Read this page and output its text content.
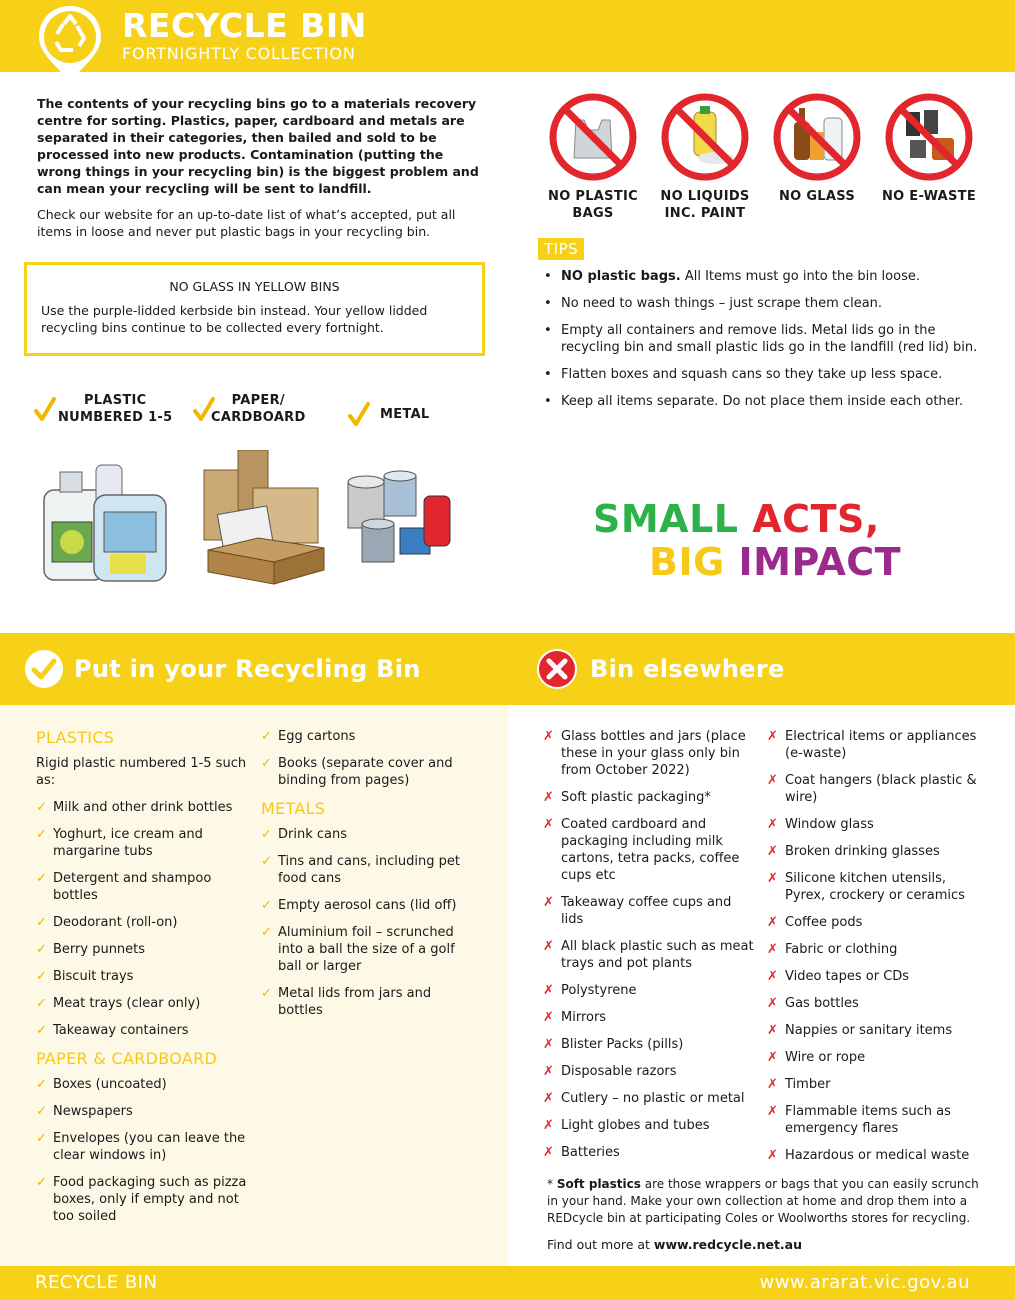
RECYCLE BIN
FORTNIGHTLY COLLECTION
The contents of your recycling bins go to a materials recovery centre for sorting. Plastics, paper, cardboard and metals are separated in their categories, then bailed and sold to be processed into new products. Contamination (putting the wrong things in your recycling bin) is the biggest problem and can mean your recycling will be sent to landfill.
Check our website for an up-to-date list of what’s accepted, put all items in loose and never put plastic bags in your recycling bin.
NO GLASS IN YELLOW BINS
Use the purple-lidded kerbside bin instead. Your yellow lidded recycling bins continue to be collected every fortnight.
PLASTIC
NUMBERED 1-5
PAPER/
CARDBOARD	METAL
NO PLASTIC
BAGS
NO LIQUIDS
INC. PAINT
NO GLASS	NO E-WASTE
TIPS
• NO plastic bags. All Items must go into the bin loose.
• No need to wash things – just scrape them clean.
• Empty all containers and remove lids. Metal lids go in the recycling bin and small plastic lids go in the landfill (red lid) bin.
• Flatten boxes and squash cans so they take up less space.
• Keep all items separate. Do not place them inside each other.
SMALL ACTS,
BIG IMPACT
Put in your Recycling Bin	Bin elsewhere
PLASTICS
Rigid plastic numbered 1-5 such as:
✓ Milk and other drink bottles
✓ Yoghurt, ice cream and margarine tubs
✓ Detergent and shampoo bottles
✓ Deodorant (roll-on)
✓ Berry punnets
✓ Biscuit trays
✓ Meat trays (clear only)
✓ Takeaway containers
PAPER & CARDBOARD
✓ Boxes (uncoated)
✓ Newspapers
✓ Envelopes (you can leave the clear windows in)
✓ Food packaging such as pizza boxes, only if empty and not too soiled
✓ Egg cartons
✓ Books (separate cover and binding from pages)
METALS
✓ Drink cans
✓ Tins and cans, including pet food cans
✓ Empty aerosol cans (lid off)
✓ Aluminium foil – scrunched into a ball the size of a golf ball or larger
✓ Metal lids from jars and bottles
✗ Glass bottles and jars (place these in your glass only bin from October 2022)
✗ Soft plastic packaging*
✗ Coated cardboard and packaging including milk cartons, tetra packs, coffee cups etc
✗ Takeaway coffee cups and lids
✗ All black plastic such as meat trays and pot plants
✗ Polystyrene
✗ Mirrors
✗ Blister Packs (pills)
✗ Disposable razors
✗ Cutlery – no plastic or metal
✗ Light globes and tubes
✗ Batteries
✗ Electrical items or appliances (e-waste)
✗ Coat hangers (black plastic & wire)
✗ Window glass
✗ Broken drinking glasses
✗ Silicone kitchen utensils, Pyrex, crockery or ceramics
✗ Coffee pods
✗ Fabric or clothing
✗ Video tapes or CDs
✗ Gas bottles
✗ Nappies or sanitary items
✗ Wire or rope
✗ Timber
✗ Flammable items such as emergency flares
✗ Hazardous or medical waste
* Soft plastics are those wrappers or bags that you can easily scrunch in your hand. Make your own collection at home and drop them into a REDcycle bin at participating Coles or Woolworths stores for recycling.
Find out more at www.redcycle.net.au
RECYCLE BIN	www.ararat.vic.gov.au
